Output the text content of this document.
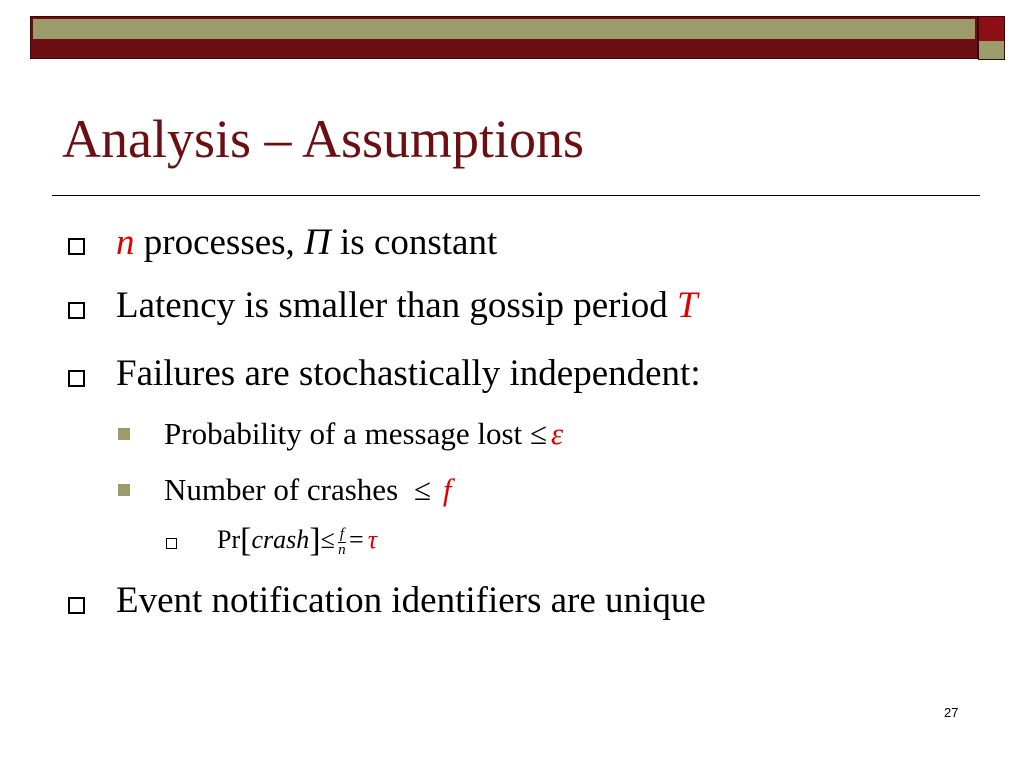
Analysis – Assumptions
n processes, Π is constant
Latency is smaller than gossip period T
Failures are stochastically independent:
Probability of a message lost ≤ ε
Number of crashes ≤ f
Pr[crash]≤ $\frac{f}{n} = \tau$
Event notification identifiers are unique
27
